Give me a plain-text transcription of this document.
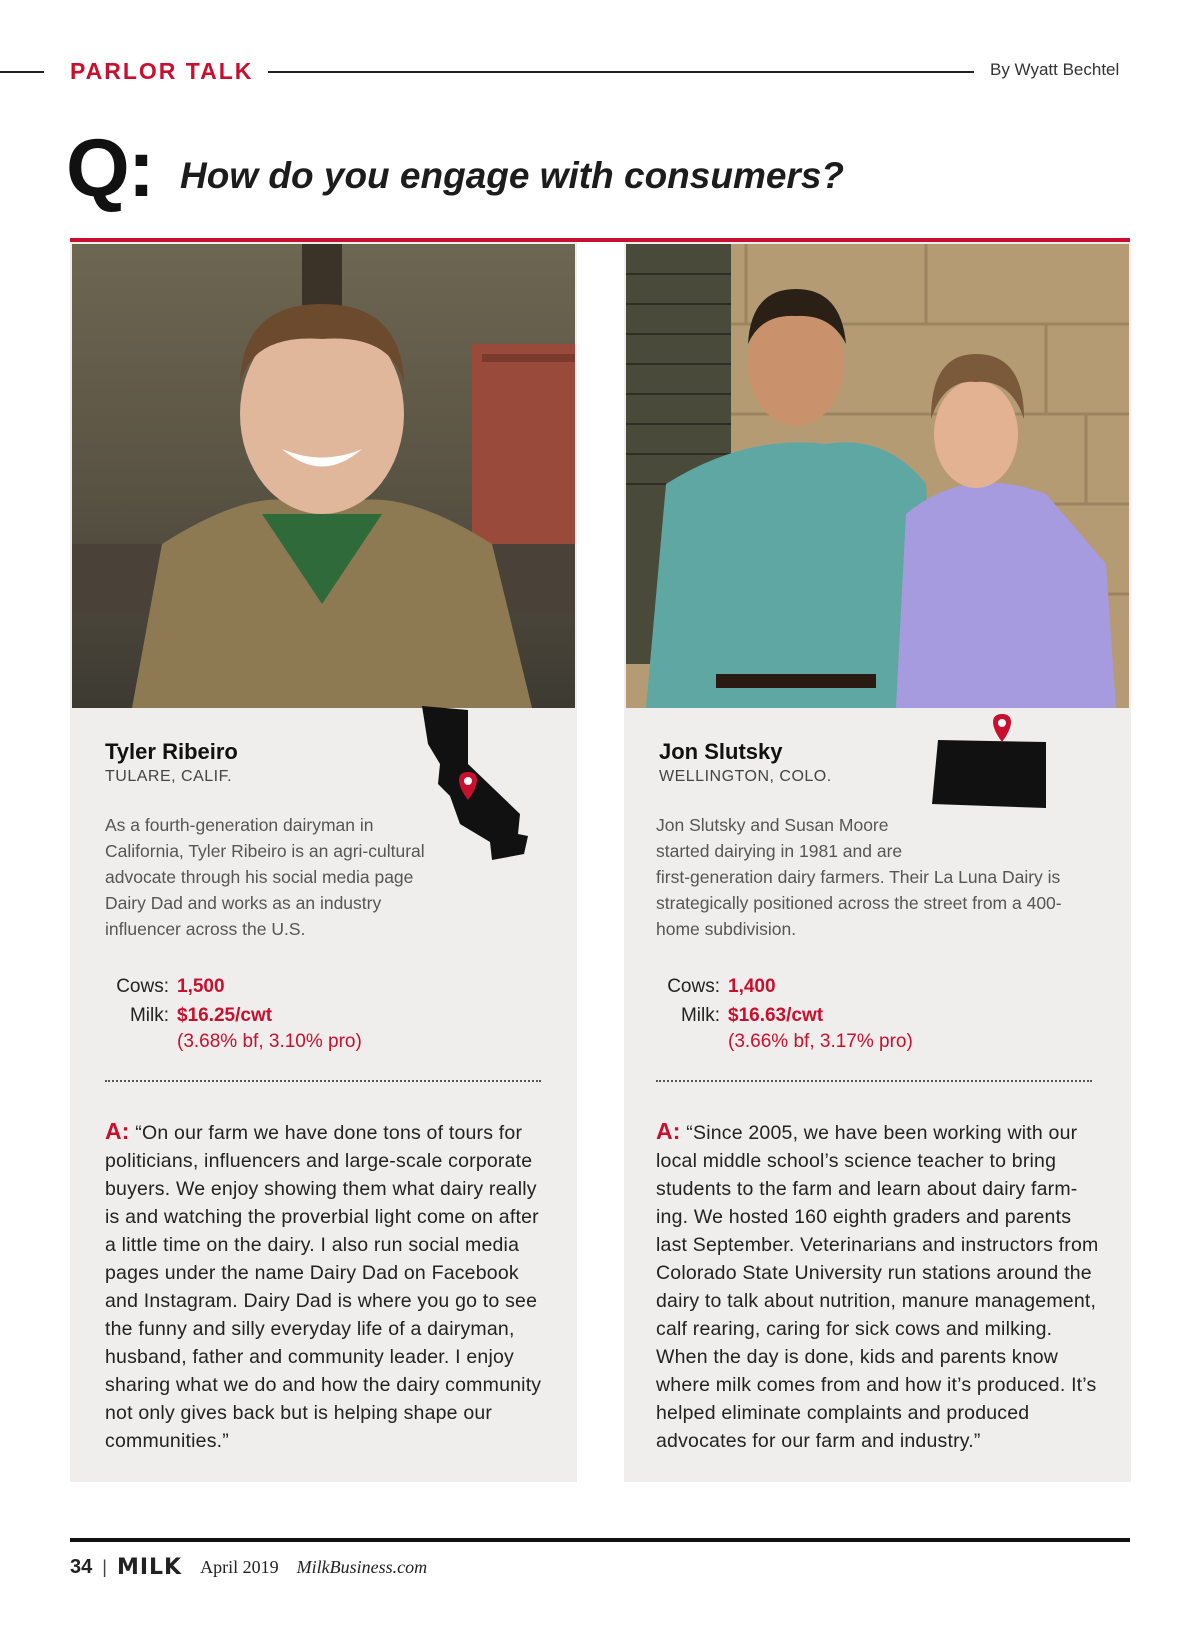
PARLOR TALK	By Wyatt Bechtel
Q: How do you engage with consumers?
Tyler Ribeiro
TULARE, CALIF.
As a fourth-generation dairyman in California, Tyler Ribeiro is an agri-cultural advocate through his social media page Dairy Dad and works as an industry influencer across the U.S.
Cows: 1,500
Milk: $16.25/cwt
(3.68% bf, 3.10% pro)
A: “On our farm we have done tons of tours for politicians, influencers and large-scale corporate buyers. We enjoy showing them what dairy really is and watching the proverbial light come on after a little time on the dairy. I also run social media pages under the name Dairy Dad on Facebook and Instagram. Dairy Dad is where you go to see the funny and silly everyday life of a dairyman, husband, father and community leader. I enjoy sharing what we do and how the dairy community not only gives back but is helping shape our communities.”
Jon Slutsky
WELLINGTON, COLO.
Jon Slutsky and Susan Moore started dairying in 1981 and are
first-generation dairy farmers. Their La Luna Dairy is strategically positioned across the street from a 400-home subdivision.
Cows: 1,400
Milk: $16.63/cwt
(3.66% bf, 3.17% pro)
A: “Since 2005, we have been working with our local middle school’s science teacher to bring students to the farm and learn about dairy farm-ing. We hosted 160 eighth graders and parents last September. Veterinarians and instructors from Colorado State University run stations around the dairy to talk about nutrition, manure management, calf rearing, caring for sick cows and milking. When the day is done, kids and parents know where milk comes from and how it’s produced. It’s helped eliminate complaints and produced advocates for our farm and industry.”
34 | MILK April 2019 MilkBusiness.com
